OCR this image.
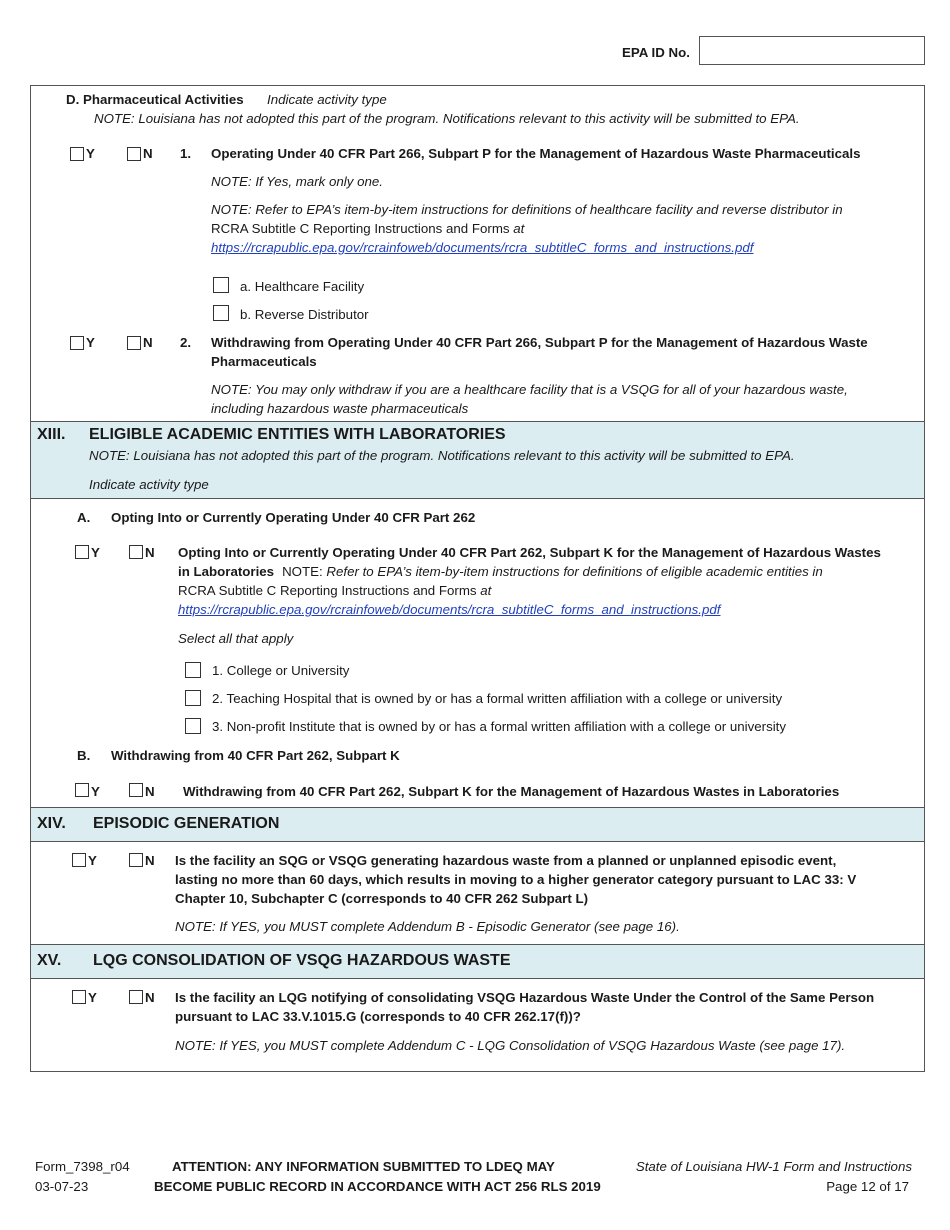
EPA ID No.
D. Pharmaceutical Activities Indicate activity type
NOTE: Louisiana has not adopted this part of the program. Notifications relevant to this activity will be submitted to EPA.
Y	N 1. Operating Under 40 CFR Part 266, Subpart P for the Management of Hazardous Waste Pharmaceuticals
NOTE: If Yes, mark only one.
NOTE: Refer to EPA’s item-by-item instructions for definitions of healthcare facility and reverse distributor in
RCRA Subtitle C Reporting Instructions and Forms at
https://rcrapublic.epa.gov/rcrainfoweb/documents/rcra_subtitleC_forms_and_instructions.pdf
a. Healthcare Facility
b. Reverse Distributor
Y	N 2. Withdrawing from Operating Under 40 CFR Part 266, Subpart P for the Management of Hazardous Waste
Pharmaceuticals
NOTE: You may only withdraw if you are a healthcare facility that is a VSQG for all of your hazardous waste,
including hazardous waste pharmaceuticals
XIII. ELIGIBLE ACADEMIC ENTITIES WITH LABORATORIES
NOTE: Louisiana has not adopted this part of the program. Notifications relevant to this activity will be submitted to EPA.
Indicate activity type
A. Opting Into or Currently Operating Under 40 CFR Part 262
Y	N Opting Into or Currently Operating Under 40 CFR Part 262, Subpart K for the Management of Hazardous Wastes
in Laboratories NOTE: Refer to EPA’s item-by-item instructions for definitions of eligible academic entities in
RCRA Subtitle C Reporting Instructions and Forms at
https://rcrapublic.epa.gov/rcrainfoweb/documents/rcra_subtitleC_forms_and_instructions.pdf
Select all that apply
1. College or University
2. Teaching Hospital that is owned by or has a formal written affiliation with a college or university
3. Non-profit Institute that is owned by or has a formal written affiliation with a college or university
B. Withdrawing from 40 CFR Part 262, Subpart K
Y	N Withdrawing from 40 CFR Part 262, Subpart K for the Management of Hazardous Wastes in Laboratories
XIV. EPISODIC GENERATION
Y	N Is the facility an SQG or VSQG generating hazardous waste from a planned or unplanned episodic event,
lasting no more than 60 days, which results in moving to a higher generator category pursuant to LAC 33: V
Chapter 10, Subchapter C (corresponds to 40 CFR 262 Subpart L)
NOTE: If YES, you MUST complete Addendum B - Episodic Generator (see page 16).
XV. LQG CONSOLIDATION OF VSQG HAZARDOUS WASTE
Y	N Is the facility an LQG notifying of consolidating VSQG Hazardous Waste Under the Control of the Same Person
pursuant to LAC 33.V.1015.G (corresponds to 40 CFR 262.17(f))?
NOTE: If YES, you MUST complete Addendum C - LQG Consolidation of VSQG Hazardous Waste (see page 17).
Form_7398_r04
03-07-23
ATTENTION: ANY INFORMATION SUBMITTED TO LDEQ MAY
BECOME PUBLIC RECORD IN ACCORDANCE WITH ACT 256 RLS 2019
State of Louisiana HW-1 Form and Instructions
Page 12 of 17
